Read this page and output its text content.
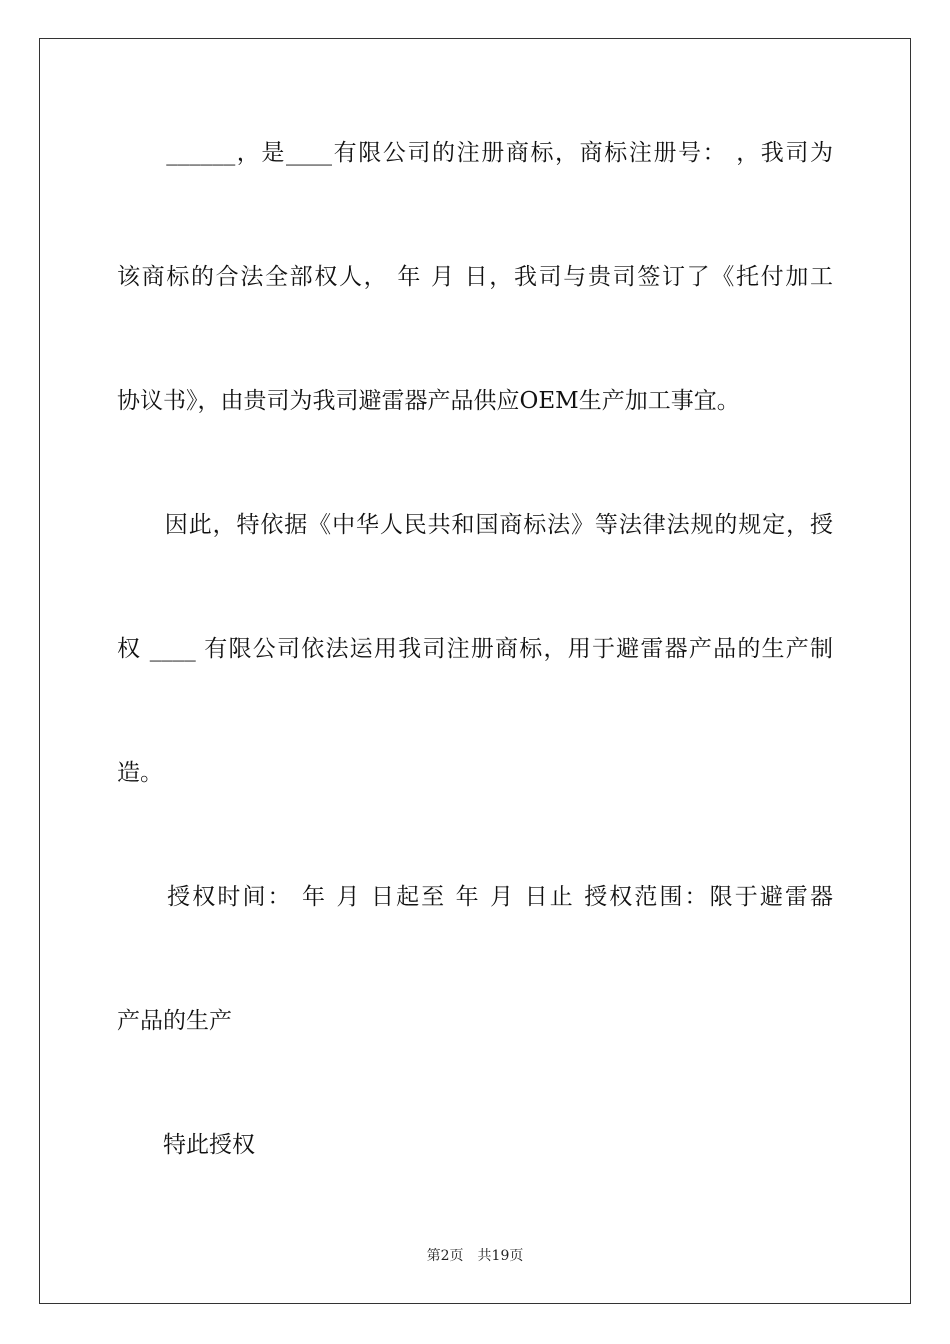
　　______，是____有限公司的注册商标，商标注册号： ，我司为
该商标的合法全部权人， 年 月 日，我司与贵司签订了《托付加工
协议书》，由贵司为我司避雷器产品供应OEM生产加工事宜。
　　因此，特依据《中华人民共和国商标法》等法律法规的规定，授
权 ____ 有限公司依法运用我司注册商标，用于避雷器产品的生产制
造。
　　授权时间： 年 月 日起至 年 月 日止 授权范围：限于避雷器
产品的生产
　　特此授权
第2页 共19页
